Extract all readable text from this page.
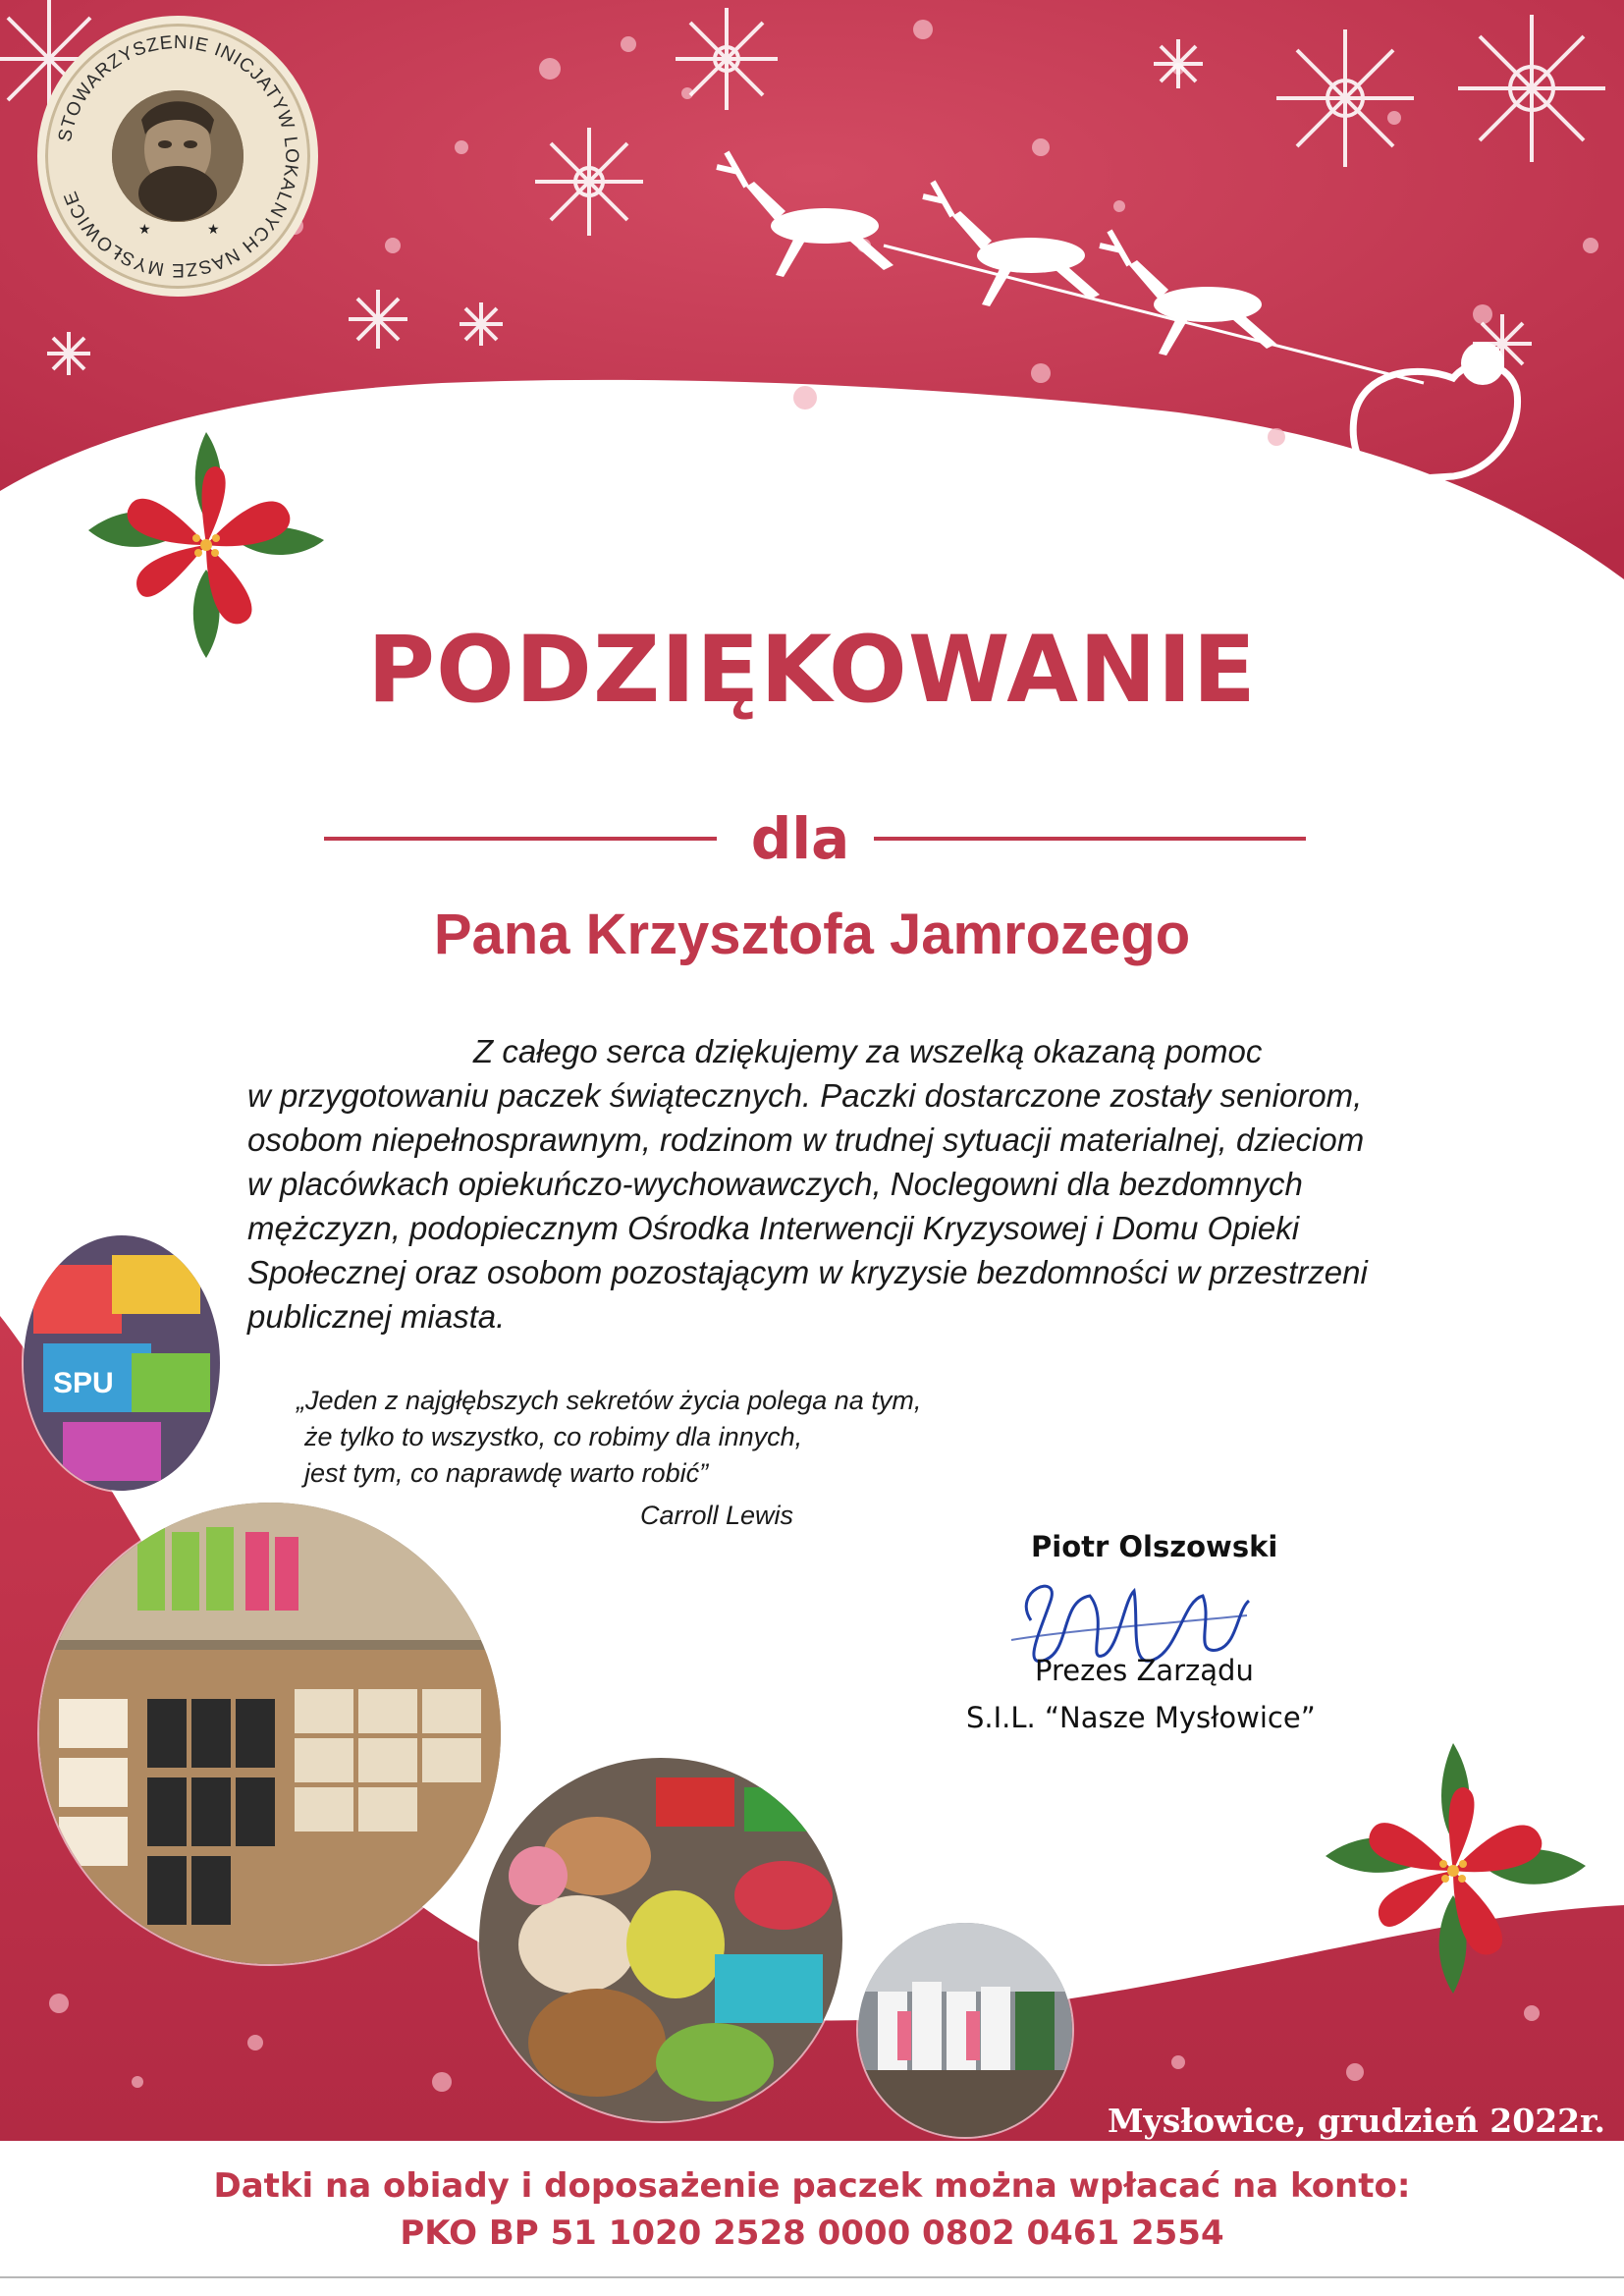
STOWARZYSZENIE INICJATYW LOKALNYCH NASZE MYSŁOWICE
★	★
PODZIĘKOWANIE
dla
Pana Krzysztofa Jamrozego

Z całego serca dziękujemy za wszelką okazaną pomoc
w przygotowaniu paczek świątecznych. Paczki dostarczone zostały seniorom,
osobom niepełnosprawnym, rodzinom w trudnej sytuacji materialnej, dzieciom
w placówkach opiekuńczo-wychowawczych, Noclegowni dla bezdomnych
mężczyzn, podopiecznym Ośrodka Interwencji Kryzysowej i Domu Opieki
Społecznej oraz osobom pozostającym w kryzysie bezdomności w przestrzeni
publicznej miasta.

SPU
„Jeden z najgłębszych sekretów życia polega na tym,
że tylko to wszystko, co robimy dla innych,
jest tym, co naprawdę warto robić”
Carroll Lewis
Piotr Olszowski
Prezes Zarządu
S.I.L. “Nasze Mysłowice”
Mysłowice, grudzień 2022r.
Datki na obiady i doposażenie paczek można wpłacać na konto:
PKO BP 51 1020 2528 0000 0802 0461 2554
